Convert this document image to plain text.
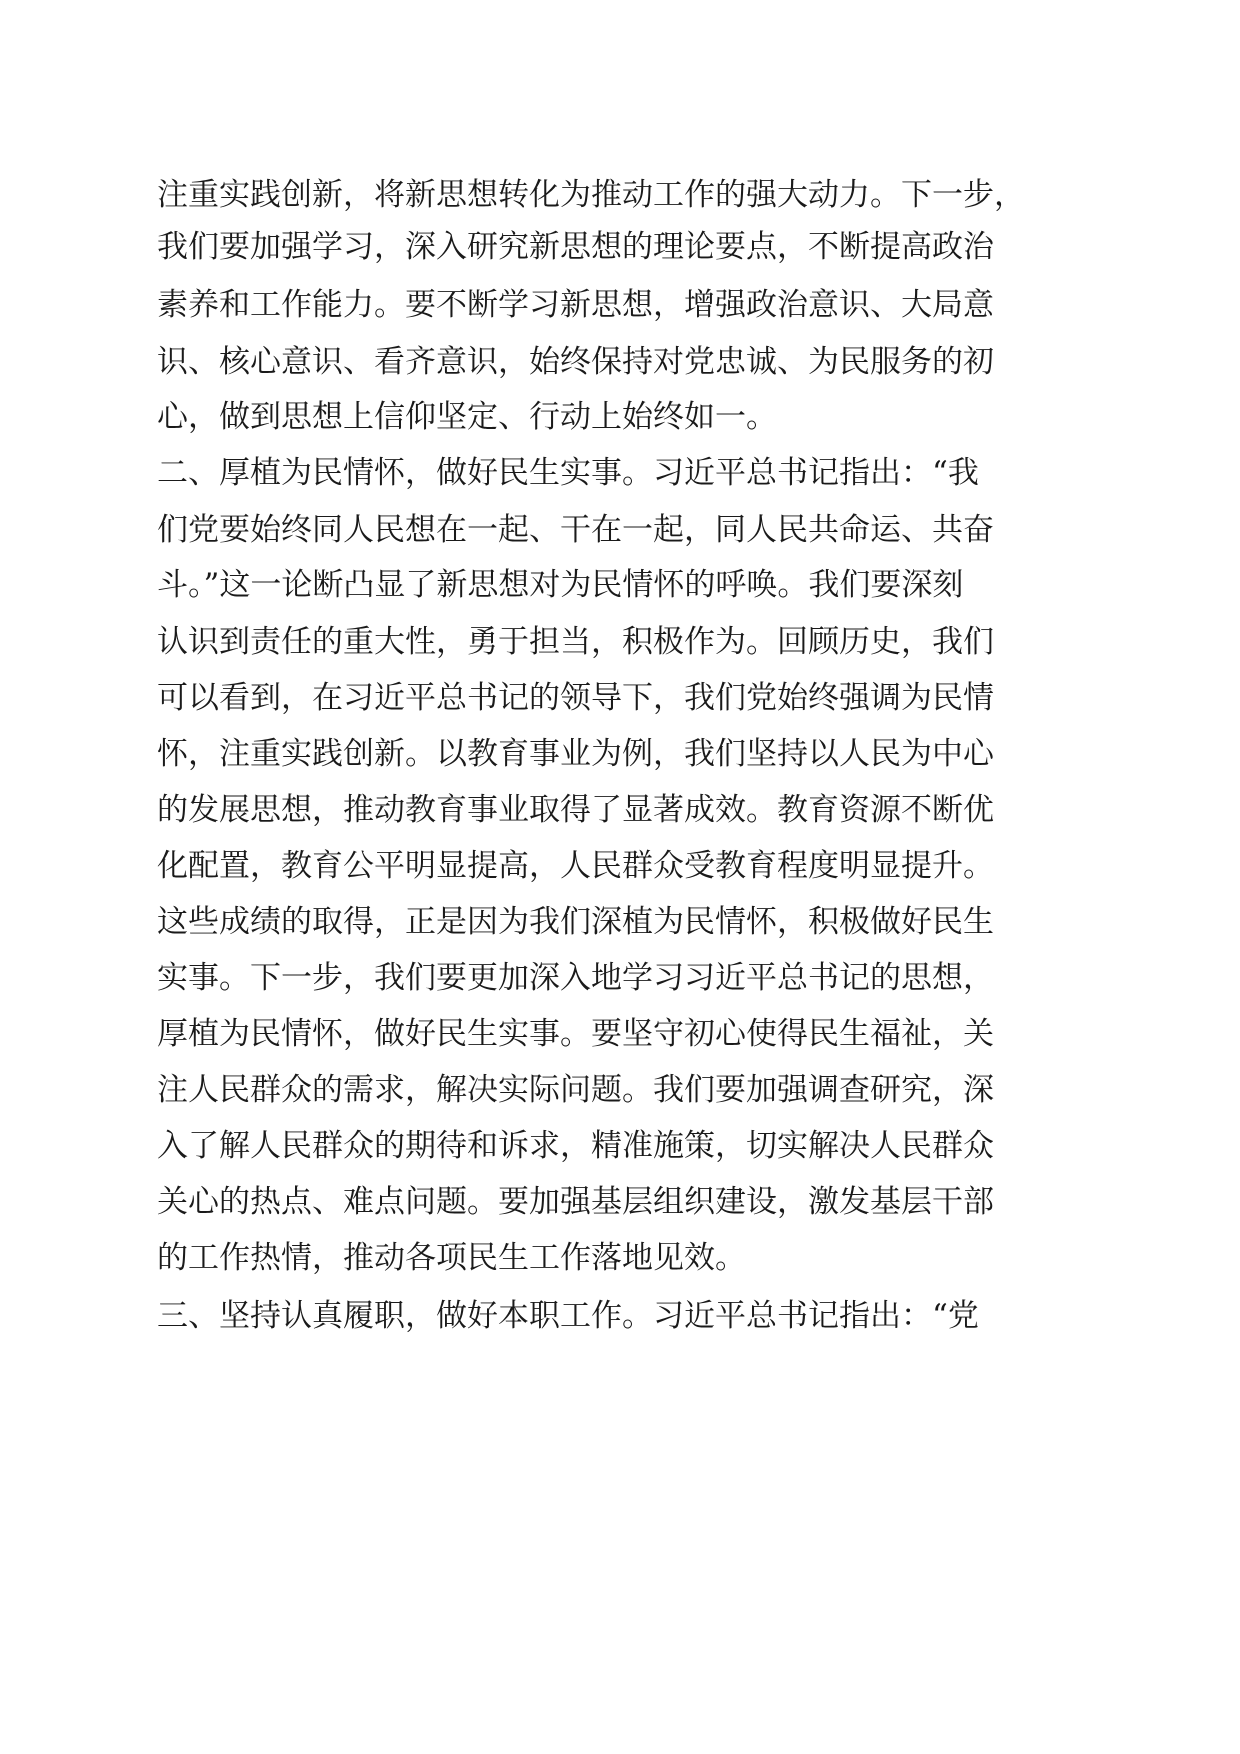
注重实践创新，将新思想转化为推动工作的强大动力。下一步，
我们要加强学习，深入研究新思想的理论要点，不断提高政治
素养和工作能力。要不断学习新思想，增强政治意识、大局意
识、核心意识、看齐意识，始终保持对党忠诚、为民服务的初
心，做到思想上信仰坚定、行动上始终如一。
二、厚植为民情怀，做好民生实事。习近平总书记指出：“我
们党要始终同人民想在一起、干在一起，同人民共命运、共奋
斗。”这一论断凸显了新思想对为民情怀的呼唤。我们要深刻
认识到责任的重大性，勇于担当，积极作为。回顾历史，我们
可以看到，在习近平总书记的领导下，我们党始终强调为民情
怀，注重实践创新。以教育事业为例，我们坚持以人民为中心
的发展思想，推动教育事业取得了显著成效。教育资源不断优
化配置，教育公平明显提高，人民群众受教育程度明显提升。
这些成绩的取得，正是因为我们深植为民情怀，积极做好民生
实事。下一步，我们要更加深入地学习习近平总书记的思想，
厚植为民情怀，做好民生实事。要坚守初心使得民生福祉，关
注人民群众的需求，解决实际问题。我们要加强调查研究，深
入了解人民群众的期待和诉求，精准施策，切实解决人民群众
关心的热点、难点问题。要加强基层组织建设，激发基层干部
的工作热情，推动各项民生工作落地见效。
三、坚持认真履职，做好本职工作。习近平总书记指出：“党
